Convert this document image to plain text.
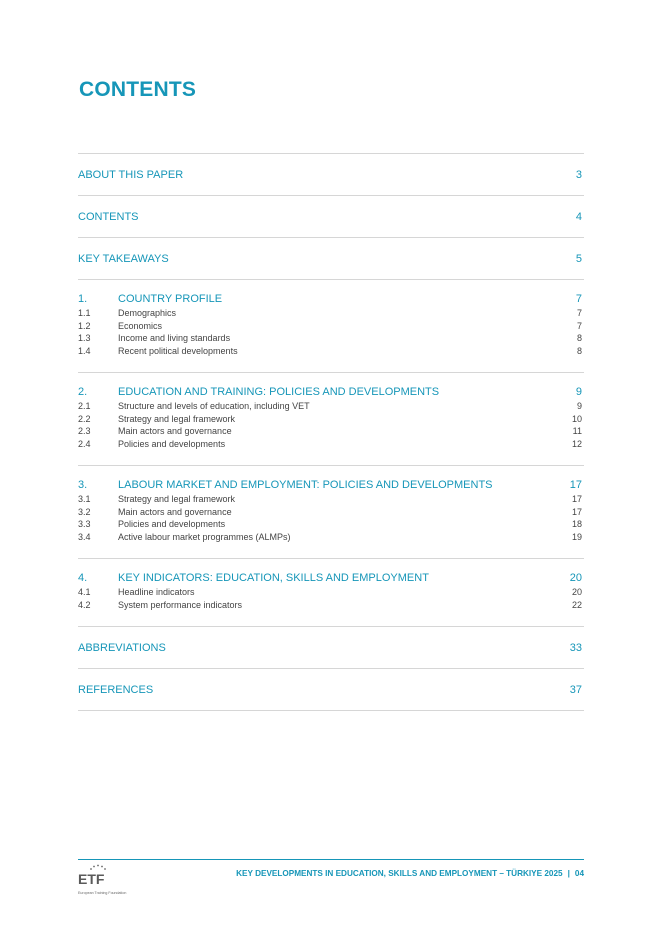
CONTENTS
ABOUT THIS PAPER	3
CONTENTS	4
KEY TAKEAWAYS	5
1.	COUNTRY PROFILE	7
1.1	Demographics	7
1.2	Economics	7
1.3	Income and living standards	8
1.4	Recent political developments	8
2.	EDUCATION AND TRAINING: POLICIES AND DEVELOPMENTS	9
2.1	Structure and levels of education, including VET	9
2.2	Strategy and legal framework	10
2.3	Main actors and governance	11
2.4	Policies and developments	12
3.	LABOUR MARKET AND EMPLOYMENT: POLICIES AND DEVELOPMENTS	17
3.1	Strategy and legal framework	17
3.2	Main actors and governance	17
3.3	Policies and developments	18
3.4	Active labour market programmes (ALMPs)	19
4.	KEY INDICATORS: EDUCATION, SKILLS AND EMPLOYMENT	20
4.1	Headline indicators	20
4.2	System performance indicators	22
ABBREVIATIONS	33
REFERENCES	37
ETF
European Training Foundation
KEY DEVELOPMENTS IN EDUCATION, SKILLS AND EMPLOYMENT – TÜRKIYE 2025 | 04
